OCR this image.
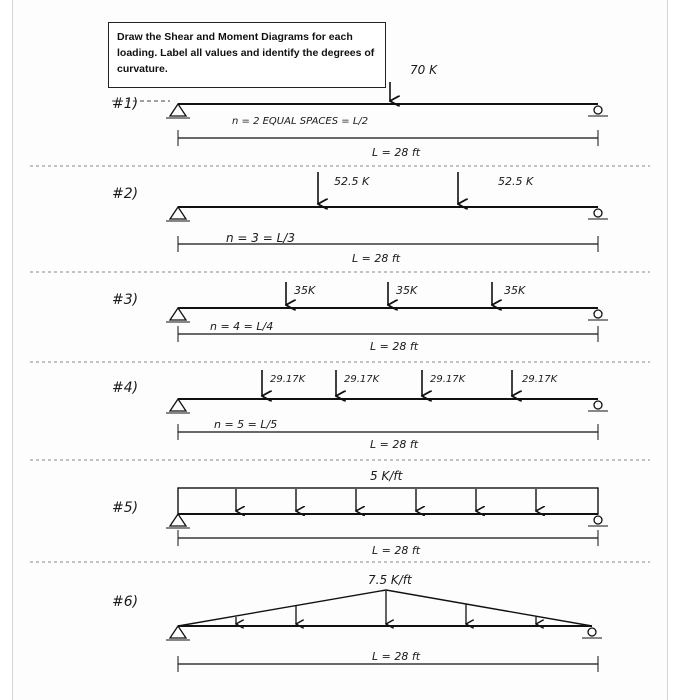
Draw the Shear and Moment Diagrams for each loading. Label all values and identify the degrees of curvature.
#1)
70 K
n = 2 EQUAL SPACES = L/2
L = 28 ft
#2)
52.5 K	52.5 K
n = 3 = L/3
L = 28 ft
#3)
35K	35K	35K
n = 4 = L/4
L = 28 ft
#4)
29.17K	29.17K	29.17K	29.17K
n = 5 = L/5
L = 28 ft
#5)
5 K/ft
L = 28 ft
#6)
7.5 K/ft
L = 28 ft
